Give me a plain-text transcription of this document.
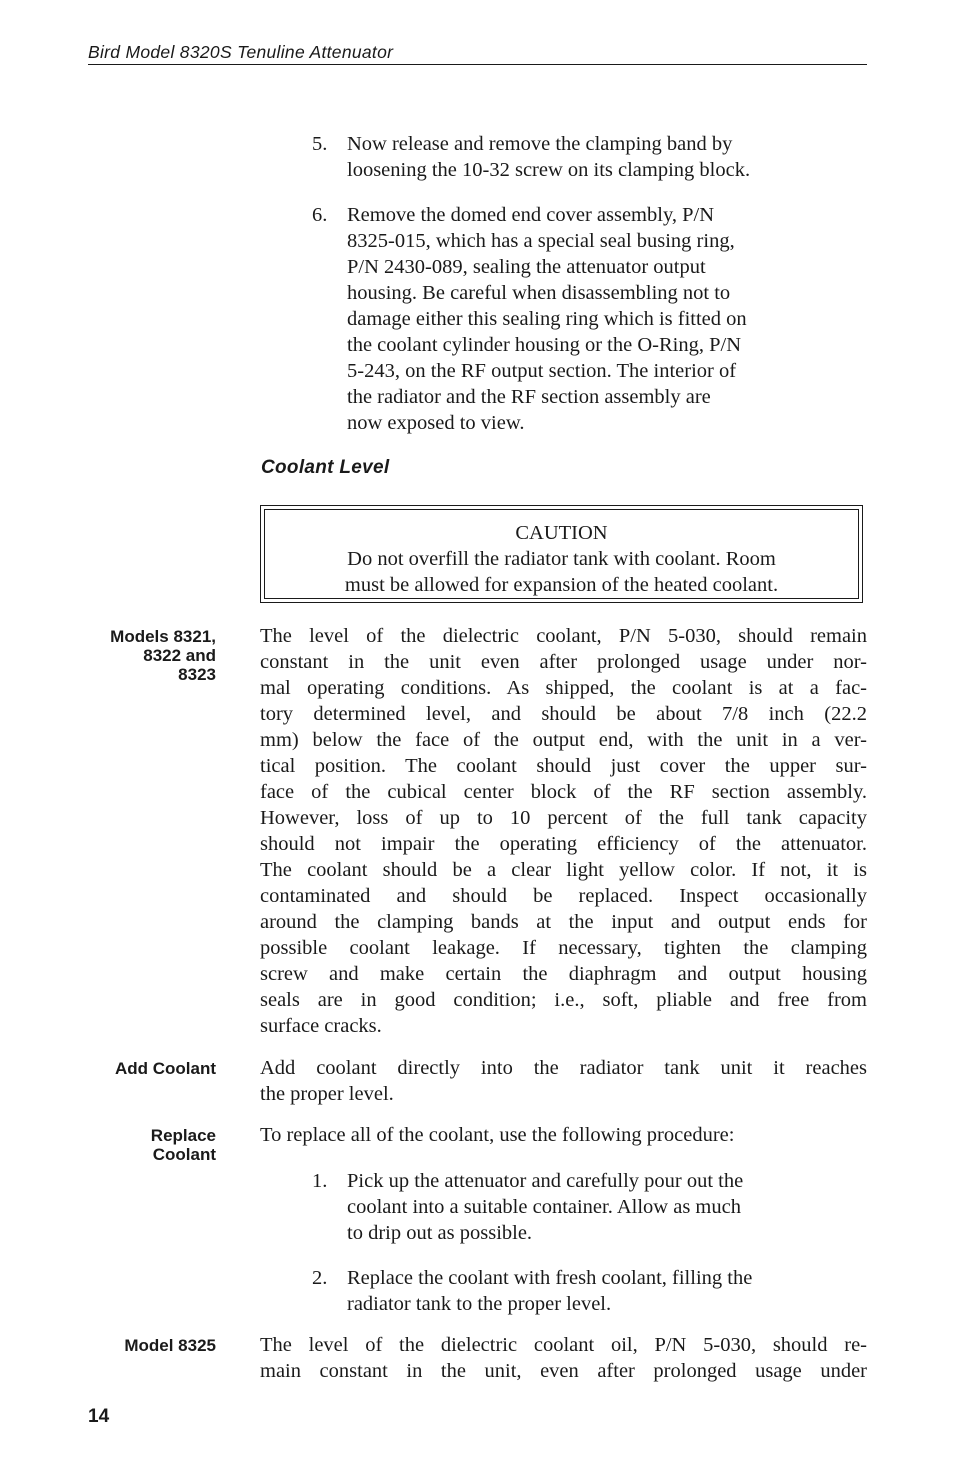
Bird Model 8320S Tenuline Attenuator
5. Now release and remove the clamping band by
loosening the 10-32 screw on its clamping block.
6. Remove the domed end cover assembly, P/N
8325-015, which has a special seal busing ring,
P/N 2430-089, sealing the attenuator output
housing. Be careful when disassembling not to
damage either this sealing ring which is fitted on
the coolant cylinder housing or the O-Ring, P/N
5-243, on the RF output section. The interior of
the radiator and the RF section assembly are
now exposed to view.
Coolant Level
CAUTION
Do not overfill the radiator tank with coolant. Room
must be allowed for expansion of the heated coolant.
Models 8321,
8322 and
8323
The level of the dielectric coolant, P/N 5-030, should remain
constant in the unit even after prolonged usage under nor-
mal operating conditions. As shipped, the coolant is at a fac-
tory determined level, and should be about 7/8 inch (22.2
mm) below the face of the output end, with the unit in a ver-
tical position. The coolant should just cover the upper sur-
face of the cubical center block of the RF section assembly.
However, loss of up to 10 percent of the full tank capacity
should not impair the operating efficiency of the attenuator.
The coolant should be a clear light yellow color. If not, it is
contaminated and should be replaced. Inspect occasionally
around the clamping bands at the input and output ends for
possible coolant leakage. If necessary, tighten the clamping
screw and make certain the diaphragm and output housing
seals are in good condition; i.e., soft, pliable and free from
surface cracks.
Add Coolant Add coolant directly into the radiator tank unit it reaches
the proper level.
Replace
Coolant
To replace all of the coolant, use the following procedure:
1. Pick up the attenuator and carefully pour out the
coolant into a suitable container. Allow as much
to drip out as possible.
2. Replace the coolant with fresh coolant, filling the
radiator tank to the proper level.
Model 8325 The level of the dielectric coolant oil, P/N 5-030, should re-
main constant in the unit, even after prolonged usage under
14
